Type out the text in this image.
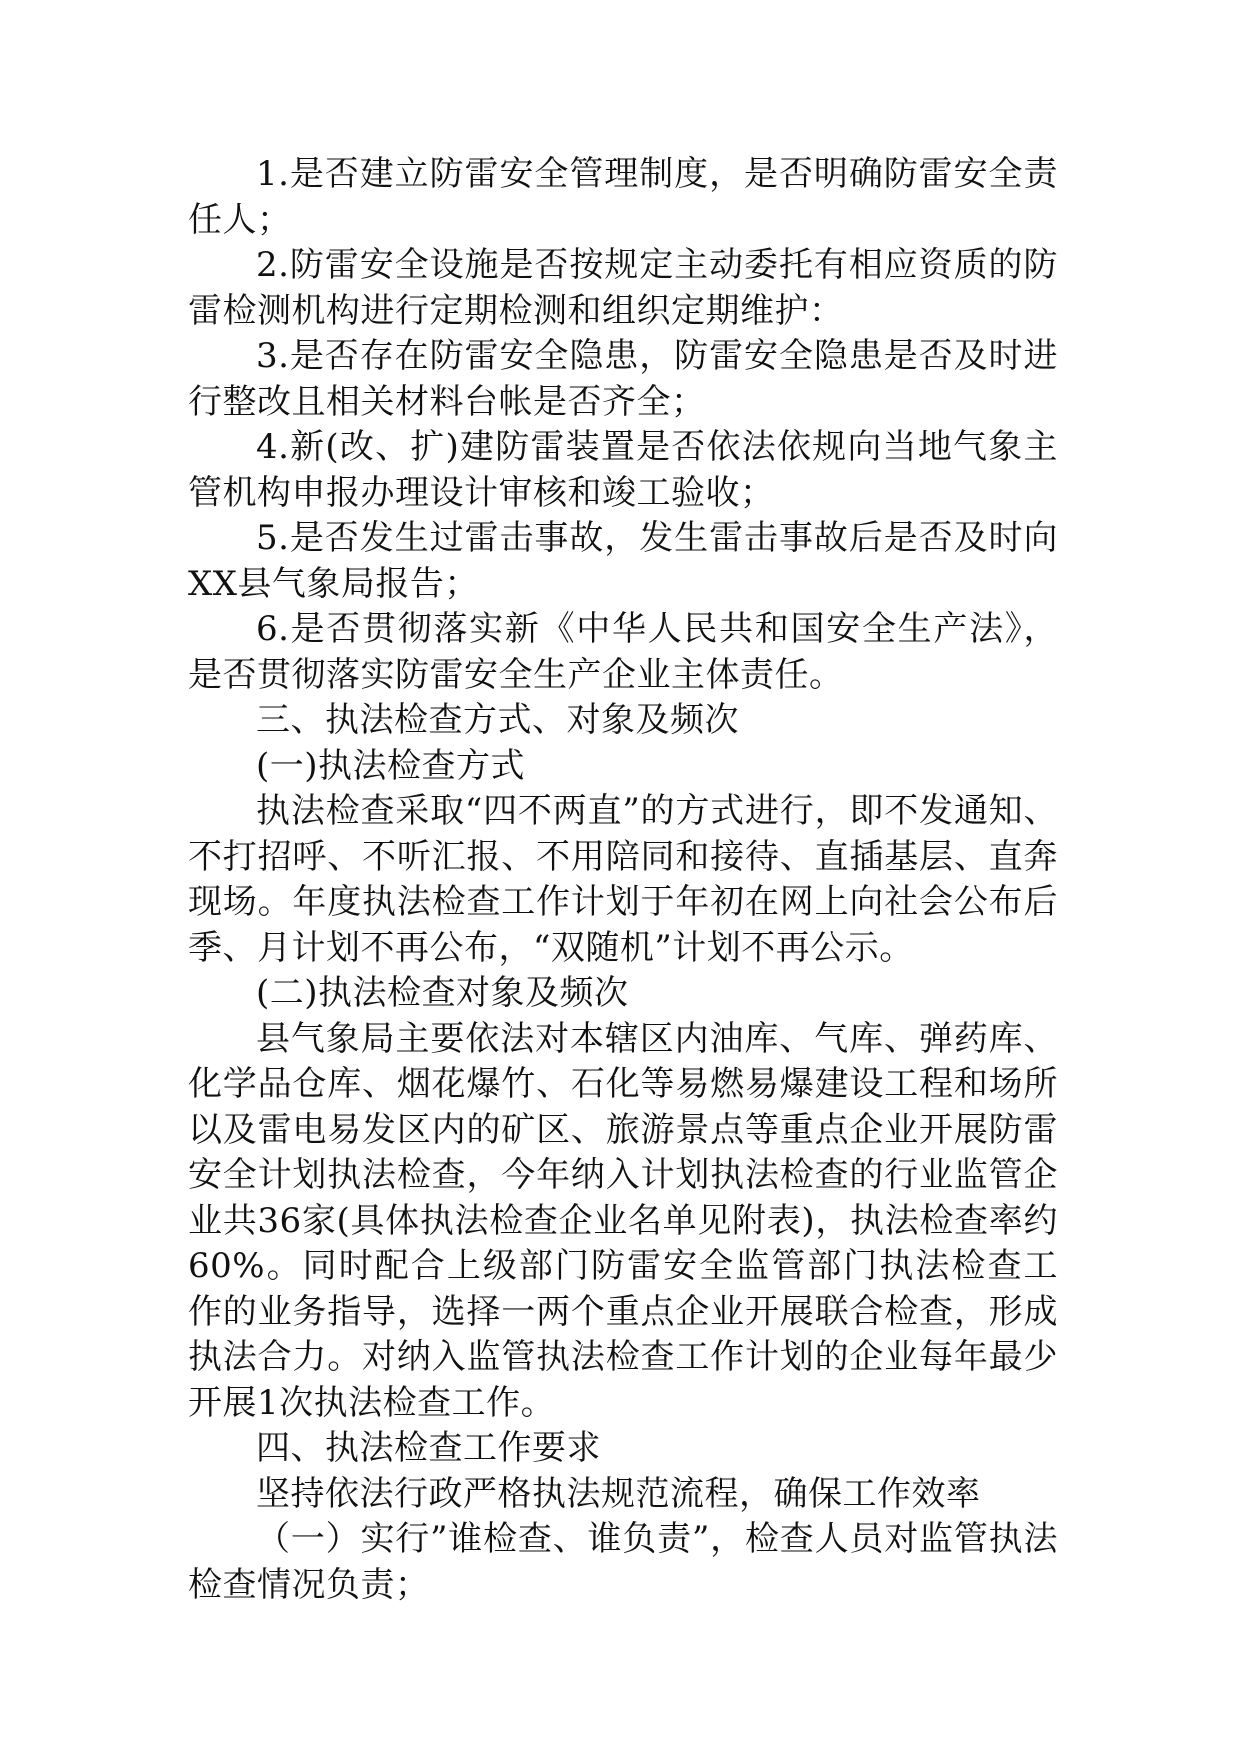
1.是否建立防雷安全管理制度，是否明确防雷安全责任人；

2.防雷安全设施是否按规定主动委托有相应资质的防雷检测机构进行定期检测和组织定期维护：

3.是否存在防雷安全隐患，防雷安全隐患是否及时进行整改且相关材料台帐是否齐全；

4.新(改、扩)建防雷装置是否依法依规向当地气象主管机构申报办理设计审核和竣工验收；

5.是否发生过雷击事故，发生雷击事故后是否及时向XX县气象局报告；

6.是否贯彻落实新《中华人民共和国安全生产法》，是否贯彻落实防雷安全生产企业主体责任。

三、执法检查方式、对象及频次

(一)执法检查方式

执法检查采取“四不两直”的方式进行，即不发通知、不打招呼、不听汇报、不用陪同和接待、直插基层、直奔现场。年度执法检查工作计划于年初在网上向社会公布后季、月计划不再公布，“双随机”计划不再公示。

(二)执法检查对象及频次

县气象局主要依法对本辖区内油库、气库、弹药库、化学品仓库、烟花爆竹、石化等易燃易爆建设工程和场所以及雷电易发区内的矿区、旅游景点等重点企业开展防雷安全计划执法检查，今年纳入计划执法检查的行业监管企业共36家(具体执法检查企业名单见附表)，执法检查率约60%。同时配合上级部门防雷安全监管部门执法检查工作的业务指导，选择一两个重点企业开展联合检查，形成执法合力。对纳入监管执法检查工作计划的企业每年最少开展1次执法检查工作。

四、执法检查工作要求

坚持依法行政严格执法规范流程，确保工作效率

（一）实行”谁检查、谁负责”，检查人员对监管执法检查情况负责；
